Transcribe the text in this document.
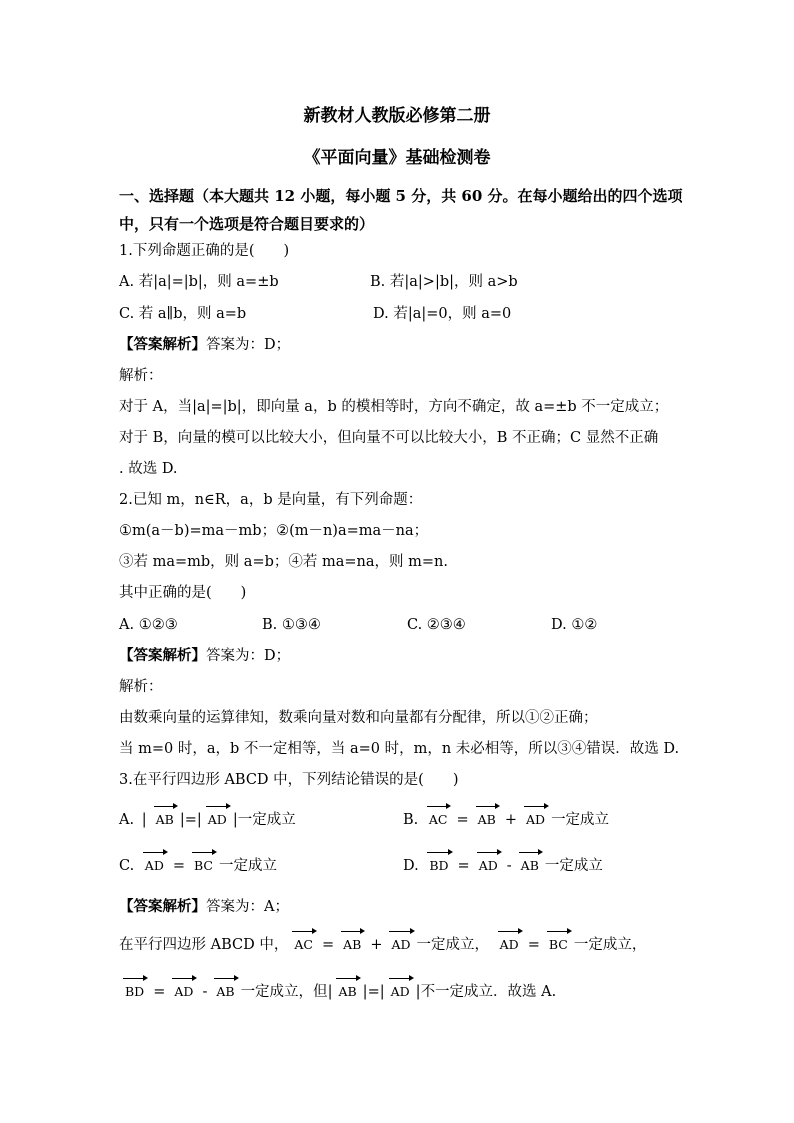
新教材人教版必修第二册
《平面向量》基础检测卷
一、选择题（本大题共 12 小题，每小题 5 分，共 60 分。在每小题给出的四个选项
中，只有一个选项是符合题目要求的）
1.下列命题正确的是(　　)
A. 若|a|=|b|，则 a=±b	B. 若|a|>|b|，则 a>b
C. 若 a∥b，则 a=b	D. 若|a|=0，则 a=0
【答案解析】答案为：D；
解析：
对于 A，当|a|=|b|，即向量 a，b 的模相等时，方向不确定，故 a=±b 不一定成立；
对于 B，向量的模可以比较大小，但向量不可以比较大小，B 不正确；C 显然不正确
. 故选 D.
2.已知 m，n∈R，a，b 是向量，有下列命题：
①m(a－b)=ma－mb；②(m－n)a=ma－na；
③若 ma=mb，则 a=b；④若 ma=na，则 m=n.
其中正确的是(　　)
A. ①②③	B. ①③④	C. ②③④	D. ①②
【答案解析】答案为：D；
解析：
由数乘向量的运算律知，数乘向量对数和向量都有分配律，所以①②正确；
当 m=0 时，a，b 不一定相等，当 a=0 时，m，n 未必相等，所以③④错误．故选 D.
3.在平行四边形 ABCD 中，下列结论错误的是(　　)
A. | AB |=| AD |一定成立	B. AC = AB + AD 一定成立
C. AD = BC 一定成立	D. BD = AD - AB 一定成立
【答案解析】答案为：A；
在平行四边形 ABCD 中， AC = AB + AD 一定成立， AD = BC 一定成立，
BD = AD - AB 一定成立，但| AB |=| AD |不一定成立．故选 A.
